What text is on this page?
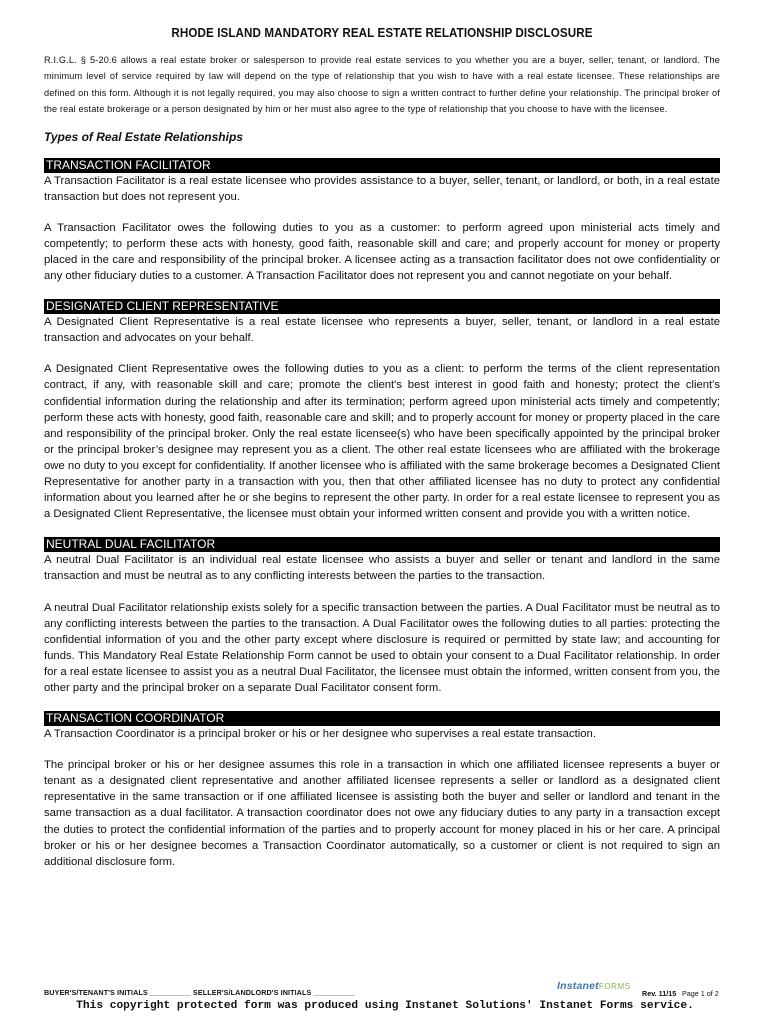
RHODE ISLAND MANDATORY REAL ESTATE RELATIONSHIP DISCLOSURE

R.I.G.L. § 5-20.6 allows a real estate broker or salesperson to provide real estate services to you whether you are a buyer, seller, tenant, or landlord. The minimum level of service required by law will depend on the type of relationship that you wish to have with a real estate licensee. These relationships are defined on this form. Although it is not legally required, you may also choose to sign a written contract to further define your relationship. The principal broker of the real estate brokerage or a person designated by him or her must also agree to the type of relationship that you choose to have with the licensee.

Types of Real Estate Relationships
TRANSACTION FACILITATOR

A Transaction Facilitator is a real estate licensee who provides assistance to a buyer, seller, tenant, or landlord, or both, in a real estate transaction but does not represent you.

A Transaction Facilitator owes the following duties to you as a customer: to perform agreed upon ministerial acts timely and competently; to perform these acts with honesty, good faith, reasonable skill and care; and properly account for money or property placed in the care and responsibility of the principal broker. A licensee acting as a transaction facilitator does not owe confidentiality or any other fiduciary duties to a customer. A Transaction Facilitator does not represent you and cannot negotiate on your behalf.

DESIGNATED CLIENT REPRESENTATIVE

A Designated Client Representative is a real estate licensee who represents a buyer, seller, tenant, or landlord in a real estate transaction and advocates on your behalf.

A Designated Client Representative owes the following duties to you as a client: to perform the terms of the client representation contract, if any, with reasonable skill and care; promote the client's best interest in good faith and honesty; protect the client's confidential information during the relationship and after its termination; perform agreed upon ministerial acts timely and competently; perform these acts with honesty, good faith, reasonable care and skill; and to properly account for money or property placed in the care and responsibility of the principal broker. Only the real estate licensee(s) who have been specifically appointed by the principal broker or the principal broker’s designee may represent you as a client. The other real estate licensees who are affiliated with the brokerage owe no duty to you except for confidentiality. If another licensee who is affiliated with the same brokerage becomes a Designated Client Representative for another party in a transaction with you, then that other affiliated licensee has no duty to protect any confidential information about you learned after he or she begins to represent the other party. In order for a real estate licensee to represent you as a Designated Client Representative, the licensee must obtain your informed written consent and provide you with a written notice.

NEUTRAL DUAL FACILITATOR

A neutral Dual Facilitator is an individual real estate licensee who assists a buyer and seller or tenant and landlord in the same transaction and must be neutral as to any conflicting interests between the parties to the transaction.

A neutral Dual Facilitator relationship exists solely for a specific transaction between the parties. A Dual Facilitator must be neutral as to any conflicting interests between the parties to the transaction. A Dual Facilitator owes the following duties to all parties: protecting the confidential information of you and the other party except where disclosure is required or permitted by state law; and accounting for funds. This Mandatory Real Estate Relationship Form cannot be used to obtain your consent to a Dual Facilitator relationship. In order for a real estate licensee to assist you as a neutral Dual Facilitator, the licensee must obtain the informed, written consent from you, the other party and the principal broker on a separate Dual Facilitator consent form.

TRANSACTION COORDINATOR

A Transaction Coordinator is a principal broker or his or her designee who supervises a real estate transaction.

The principal broker or his or her designee assumes this role in a transaction in which one affiliated licensee represents a buyer or tenant as a designated client representative and another affiliated licensee represents a seller or landlord as a designated client representative in the same transaction or if one affiliated licensee is assisting both the buyer and seller or landlord and tenant in the same transaction as a dual facilitator. A transaction coordinator does not owe any fiduciary duties to any party in a transaction except the duties to protect the confidential information of the parties and to properly account for money placed in his or her care. A principal broker or his or her designee becomes a Transaction Coordinator automatically, so a customer or client is not required to sign an additional disclosure form.

BUYER'S/TENANT'S INITIALS __________ SELLER'S/LANDLORD'S INITIALS __________
InstanetFORMS
Rev. 11/15 Page 1 of 2
This copyright protected form was produced using Instanet Solutions' Instanet Forms service.
